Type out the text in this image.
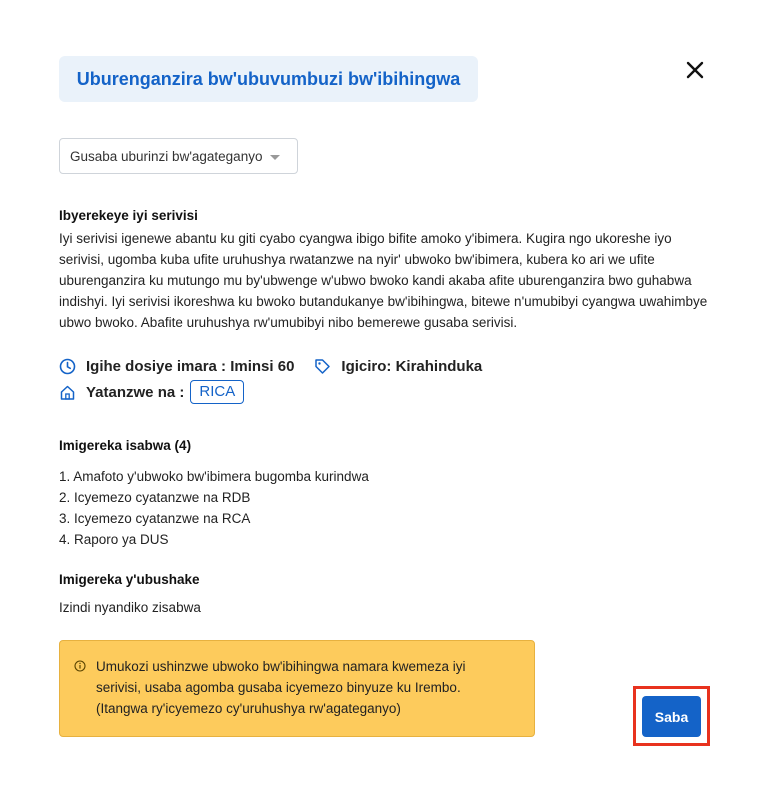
Uburenganzira bw'ubuvumbuzi bw'ibihingwa
Gusaba uburinzi bw'agateganyo
Ibyerekeye iyi serivisi
Iyi serivisi igenewe abantu ku giti cyabo cyangwa ibigo bifite amoko y'ibimera. Kugira ngo ukoreshe iyo serivisi, ugomba kuba ufite uruhushya rwatanzwe na nyir' ubwoko bw'ibimera, kubera ko ari we ufite uburenganzira ku mutungo mu by'ubwenge w'ubwo bwoko kandi akaba afite uburenganzira bwo guhabwa indishyi. Iyi serivisi ikoreshwa ku bwoko butandukanye bw'ibihingwa, bitewe n'umubibyi cyangwa uwahimbye ubwo bwoko. Abafite uruhushya rw'umubibyi nibo bemerewe gusaba serivisi.
Igihe dosiye imara : Iminsi 60	Igiciro: Kirahinduka
Yatanzwe na :	RICA
Imigereka isabwa (4)
1. Amafoto y'ubwoko bw'ibimera bugomba kurindwa
2. Icyemezo cyatanzwe na RDB
3. Icyemezo cyatanzwe na RCA
4. Raporo ya DUS
Imigereka y'ubushake
Izindi nyandiko zisabwa
Umukozi ushinzwe ubwoko bw'ibihingwa namara kwemeza iyi
serivisi, usaba agomba gusaba icyemezo binyuze ku Irembo.
(Itangwa ry'icyemezo cy'uruhushya rw'agateganyo)	Saba
